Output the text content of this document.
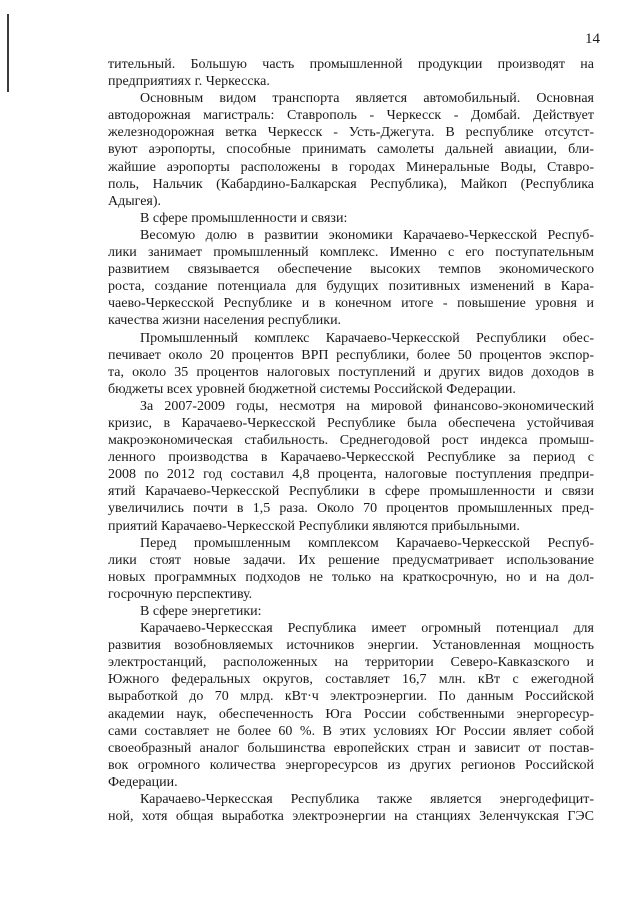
14
тительный. Большую часть промышленной продукции производят на
предприятиях г. Черкесска.
Основным видом транспорта является автомобильный. Основная
автодорожная магистраль: Ставрополь - Черкесск - Домбай. Действует
железнодорожная ветка Черкесск - Усть-Джегута. В республике отсутст-
вуют аэропорты, способные принимать самолеты дальней авиации, бли-
жайшие аэропорты расположены в городах Минеральные Воды, Ставро-
поль, Нальчик (Кабардино-Балкарская Республика), Майкоп (Республика
Адыгея).
В сфере промышленности и связи:
Весомую долю в развитии экономики Карачаево-Черкесской Респуб-
лики занимает промышленный комплекс. Именно с его поступательным
развитием связывается обеспечение высоких темпов экономического
роста, создание потенциала для будущих позитивных изменений в Кара-
чаево-Черкесской Республике и в конечном итоге - повышение уровня и
качества жизни населения республики.
Промышленный комплекс Карачаево-Черкесской Республики обес-
печивает около 20 процентов ВРП республики, более 50 процентов экспор-
та, около 35 процентов налоговых поступлений и других видов доходов в
бюджеты всех уровней бюджетной системы Российской Федерации.
За 2007-2009 годы, несмотря на мировой финансово-экономический
кризис, в Карачаево-Черкесской Республике была обеспечена устойчивая
макроэкономическая стабильность. Среднегодовой рост индекса промыш-
ленного производства в Карачаево-Черкесской Республике за период с
2008 по 2012 год составил 4,8 процента, налоговые поступления предпри-
ятий Карачаево-Черкесской Республики в сфере промышленности и связи
увеличились почти в 1,5 раза. Около 70 процентов промышленных пред-
приятий Карачаево-Черкесской Республики являются прибыльными.
Перед промышленным комплексом Карачаево-Черкесской Респуб-
лики стоят новые задачи. Их решение предусматривает использование
новых программных подходов не только на краткосрочную, но и на дол-
госрочную перспективу.
В сфере энергетики:
Карачаево-Черкесская Республика имеет огромный потенциал для
развития возобновляемых источников энергии. Установленная мощность
электростанций, расположенных на территории Северо-Кавказского и
Южного федеральных округов, составляет 16,7 млн. кВт с ежегодной
выработкой до 70 млрд. кВт·ч электроэнергии. По данным Российской
академии наук, обеспеченность Юга России собственными энергоресур-
сами составляет не более 60 %. В этих условиях Юг России являет собой
своеобразный аналог большинства европейских стран и зависит от постав-
вок огромного количества энергоресурсов из других регионов Российской
Федерации.
Карачаево-Черкесская Республика также является энергодефицит-
ной, хотя общая выработка электроэнергии на станциях Зеленчукская ГЭС
